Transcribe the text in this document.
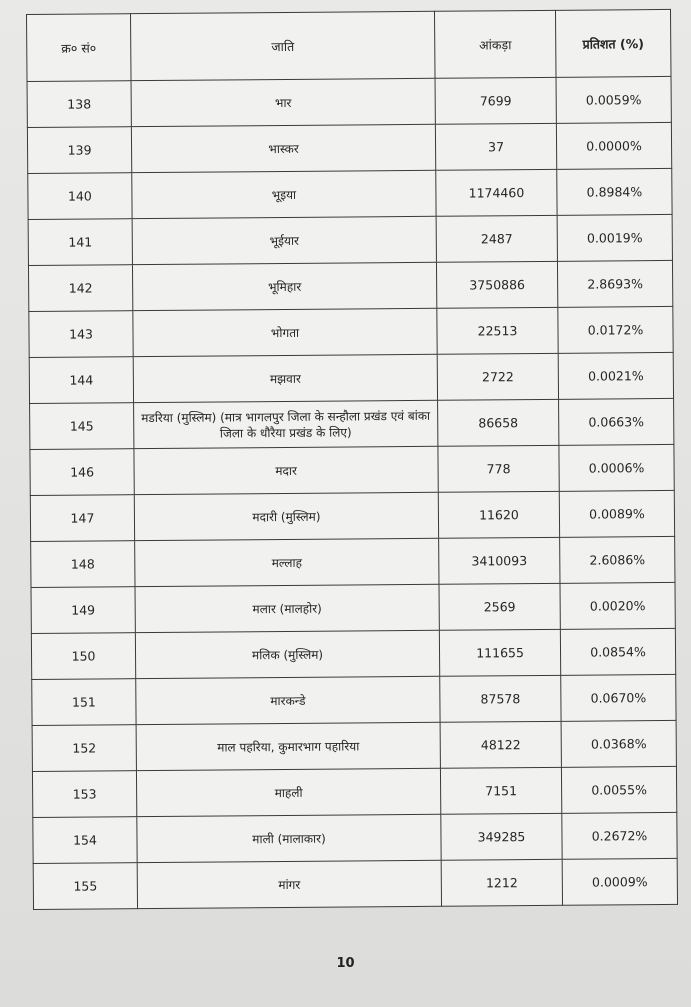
क्र० सं०	जाति	आंकड़ा	प्रतिशत (%)
138	भार	7699	0.0059%
139	भास्कर	37	0.0000%
140	भूइया	1174460	0.8984%
141	भूईयार	2487	0.0019%
142	भूमिहार	3750886	2.8693%
143	भोगता	22513	0.0172%
144	मझवार	2722	0.0021%
145	मडरिया (मुस्लिम) (मात्र भागलपुर जिला के सन्हौला प्रखंड एवं बांका जिला के धौरैया प्रखंड के लिए)	86658	0.0663%
146	मदार	778	0.0006%
147	मदारी (मुस्लिम)	11620	0.0089%
148	मल्लाह	3410093	2.6086%
149	मलार (मालहोर)	2569	0.0020%
150	मलिक (मुस्लिम)	111655	0.0854%
151	मारकन्डे	87578	0.0670%
152	माल पहरिया, कुमारभाग पहारिया	48122	0.0368%
153	माहली	7151	0.0055%
154	माली (मालाकार)	349285	0.2672%
155	मांगर	1212	0.0009%
10
